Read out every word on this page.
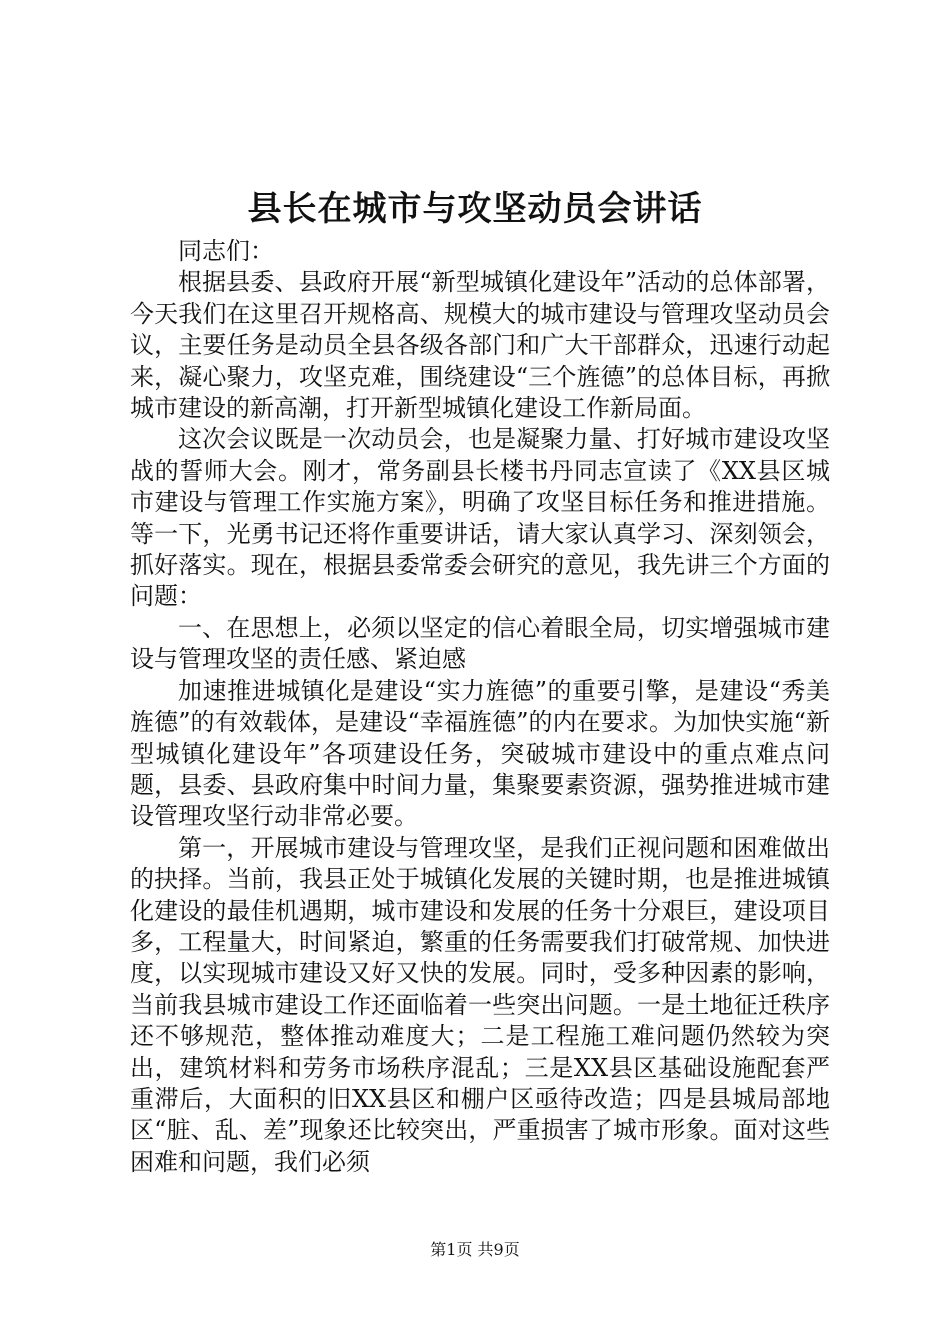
县长在城市与攻坚动员会讲话

同志们：

根据县委、县政府开展“新型城镇化建设年”活动的总体部署，今天我们在这里召开规格高、规模大的城市建设与管理攻坚动员会议，主要任务是动员全县各级各部门和广大干部群众，迅速行动起来，凝心聚力，攻坚克难，围绕建设“三个旌德”的总体目标，再掀城市建设的新高潮，打开新型城镇化建设工作新局面。

这次会议既是一次动员会，也是凝聚力量、打好城市建设攻坚战的誓师大会。刚才，常务副县长楼书丹同志宣读了《XX县区城市建设与管理工作实施方案》，明确了攻坚目标任务和推进措施。等一下，光勇书记还将作重要讲话，请大家认真学习、深刻领会，抓好落实。现在，根据县委常委会研究的意见，我先讲三个方面的问题：

一、在思想上，必须以坚定的信心着眼全局，切实增强城市建设与管理攻坚的责任感、紧迫感

加速推进城镇化是建设“实力旌德”的重要引擎，是建设“秀美旌德”的有效载体，是建设“幸福旌德”的内在要求。为加快实施“新型城镇化建设年”各项建设任务，突破城市建设中的重点难点问题，县委、县政府集中时间力量，集聚要素资源，强势推进城市建设管理攻坚行动非常必要。

第一，开展城市建设与管理攻坚，是我们正视问题和困难做出的抉择。当前，我县正处于城镇化发展的关键时期，也是推进城镇化建设的最佳机遇期，城市建设和发展的任务十分艰巨，建设项目多，工程量大，时间紧迫，繁重的任务需要我们打破常规、加快进度，以实现城市建设又好又快的发展。同时，受多种因素的影响，当前我县城市建设工作还面临着一些突出问题。一是土地征迁秩序还不够规范，整体推动难度大；二是工程施工难问题仍然较为突出，建筑材料和劳务市场秩序混乱；三是XX县区基础设施配套严重滞后，大面积的旧XX县区和棚户区亟待改造；四是县城局部地区“脏、乱、差”现象还比较突出，严重损害了城市形象。面对这些困难和问题，我们必须

第1页 共9页
